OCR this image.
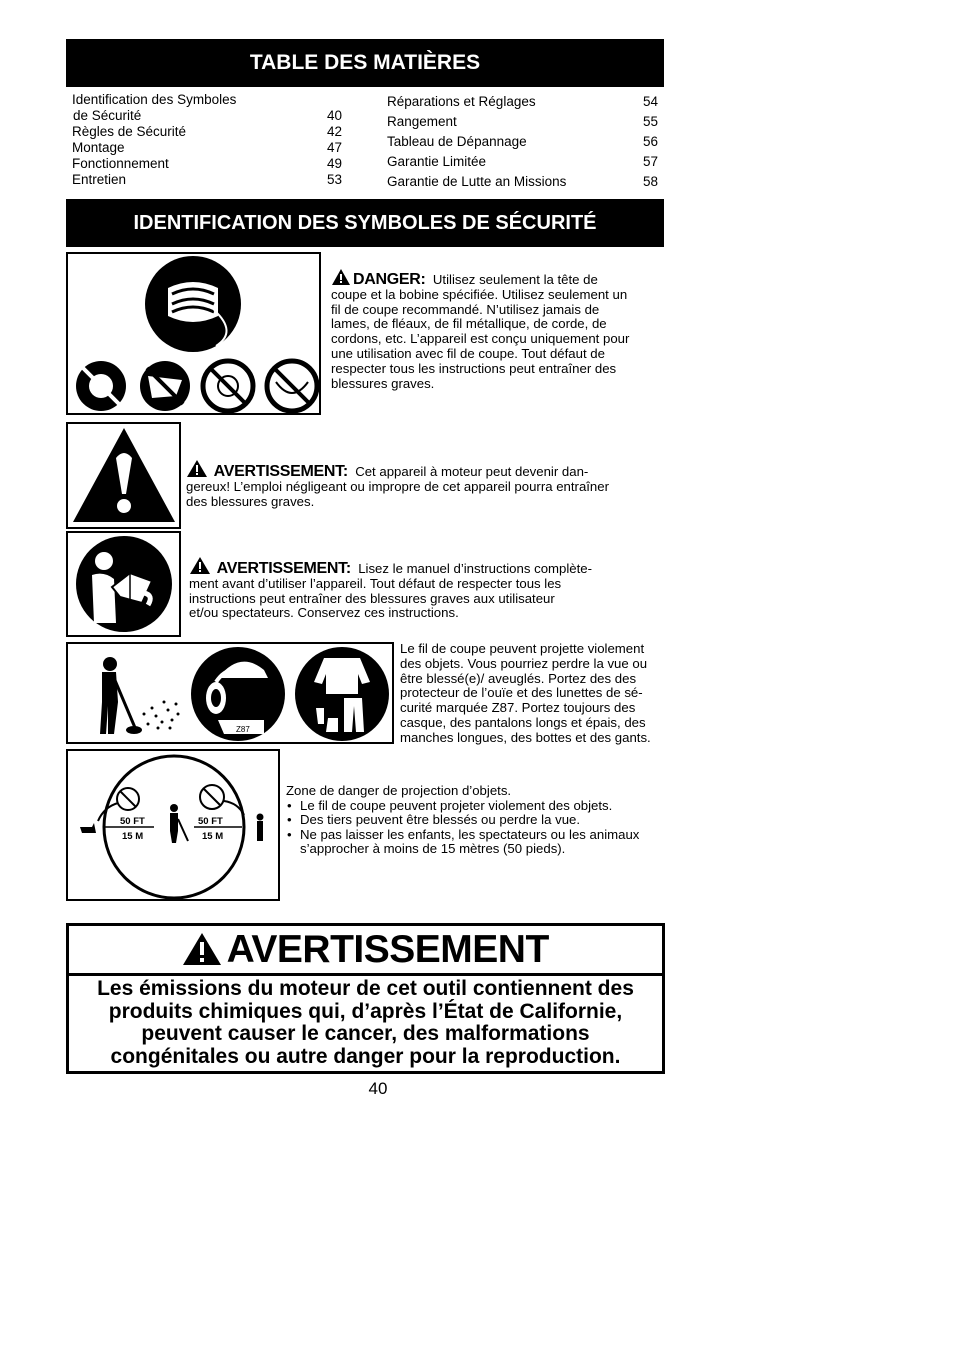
TABLE DES MATIÈRES
Identification des Symboles
de Sécurité	40
Règles de Sécurité	42
Montage	47
Fonctionnement	49
Entretien	53
Réparations et Réglages	54
Rangement	55
Tableau de Dépannage	56
Garantie Limitée	57
Garantie de Lutte an Missions	58
IDENTIFICATION DES SYMBOLES DE SÉCURITÉ
DANGER: Utilisez seulement la tête de
coupe et la bobine spécifiée. Utilisez seulement un
fil de coupe recommandé. N’utilisez jamais de
lames, de fléaux, de fil métallique, de corde, de
cordons, etc. L’appareil est conçu uniquement pour
une utilisation avec fil de coupe. Tout défaut de
respecter tous les instructions peut entraîner des
blessures graves.
AVERTISSEMENT: Cet appareil à moteur peut devenir dan-
gereux! L’emploi négligeant ou impropre de cet appareil pourra entraîner
des blessures graves.
AVERTISSEMENT: Lisez le manuel d’instructions complète-
ment avant d’utiliser l’appareil. Tout défaut de respecter tous les
instructions peut entraîner des blessures graves aux utilisateur
et/ou spectateurs. Conservez ces instructions.
Z87
Le fil de coupe peuvent projette violement
des objets. Vous pourriez perdre la vue ou
être blessé(e)/ aveuglés. Portez des des
protecteur de l’ouïe et des lunettes de sé-
curité marquée Z87. Portez toujours des
casque, des pantalons longs et épais, des
manches longues, des bottes et des gants.
50 FT
15 M
50 FT
15 M
Zone de danger de projection d’objets.
• Le fil de coupe peuvent projeter violement des objets.
• Des tiers peuvent être blessés ou perdre la vue.
• Ne pas laisser les enfants, les spectateurs ou les animaux
s’approcher à moins de 15 mètres (50 pieds).
AVERTISSEMENT
Les émissions du moteur de cet outil contiennent des
produits chimiques qui, d’après l’État de Californie,
peuvent causer le cancer, des malformations
congénitales ou autre danger pour la reproduction.
40
